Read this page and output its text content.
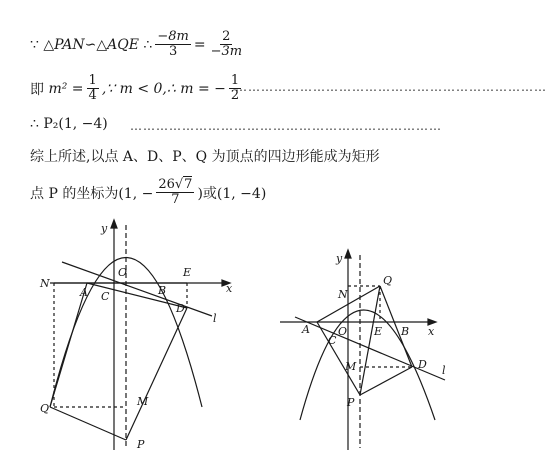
∵
△PAN ∽ △AQE
∴ $\frac{-8m}{3} = \frac{2}{-3m}$
即
$m^2 = \frac{1}{4}$ ,∵ m < 0,∴ m = − $\frac{1}{2}$
………………………………………………………………
∴ P₂(1, −4) ………………………………………………………………
综上所述,以点 A、D、P、Q 为顶点的四边形能成为矩形
点 P 的坐标为(1, − $\frac{26√7}{7}$ )或(1, −4)
y
x
O
N
A C	B
E
D
l
Q
M
P
y
x
O
N
A
C
Q
E B
D l
M
P
